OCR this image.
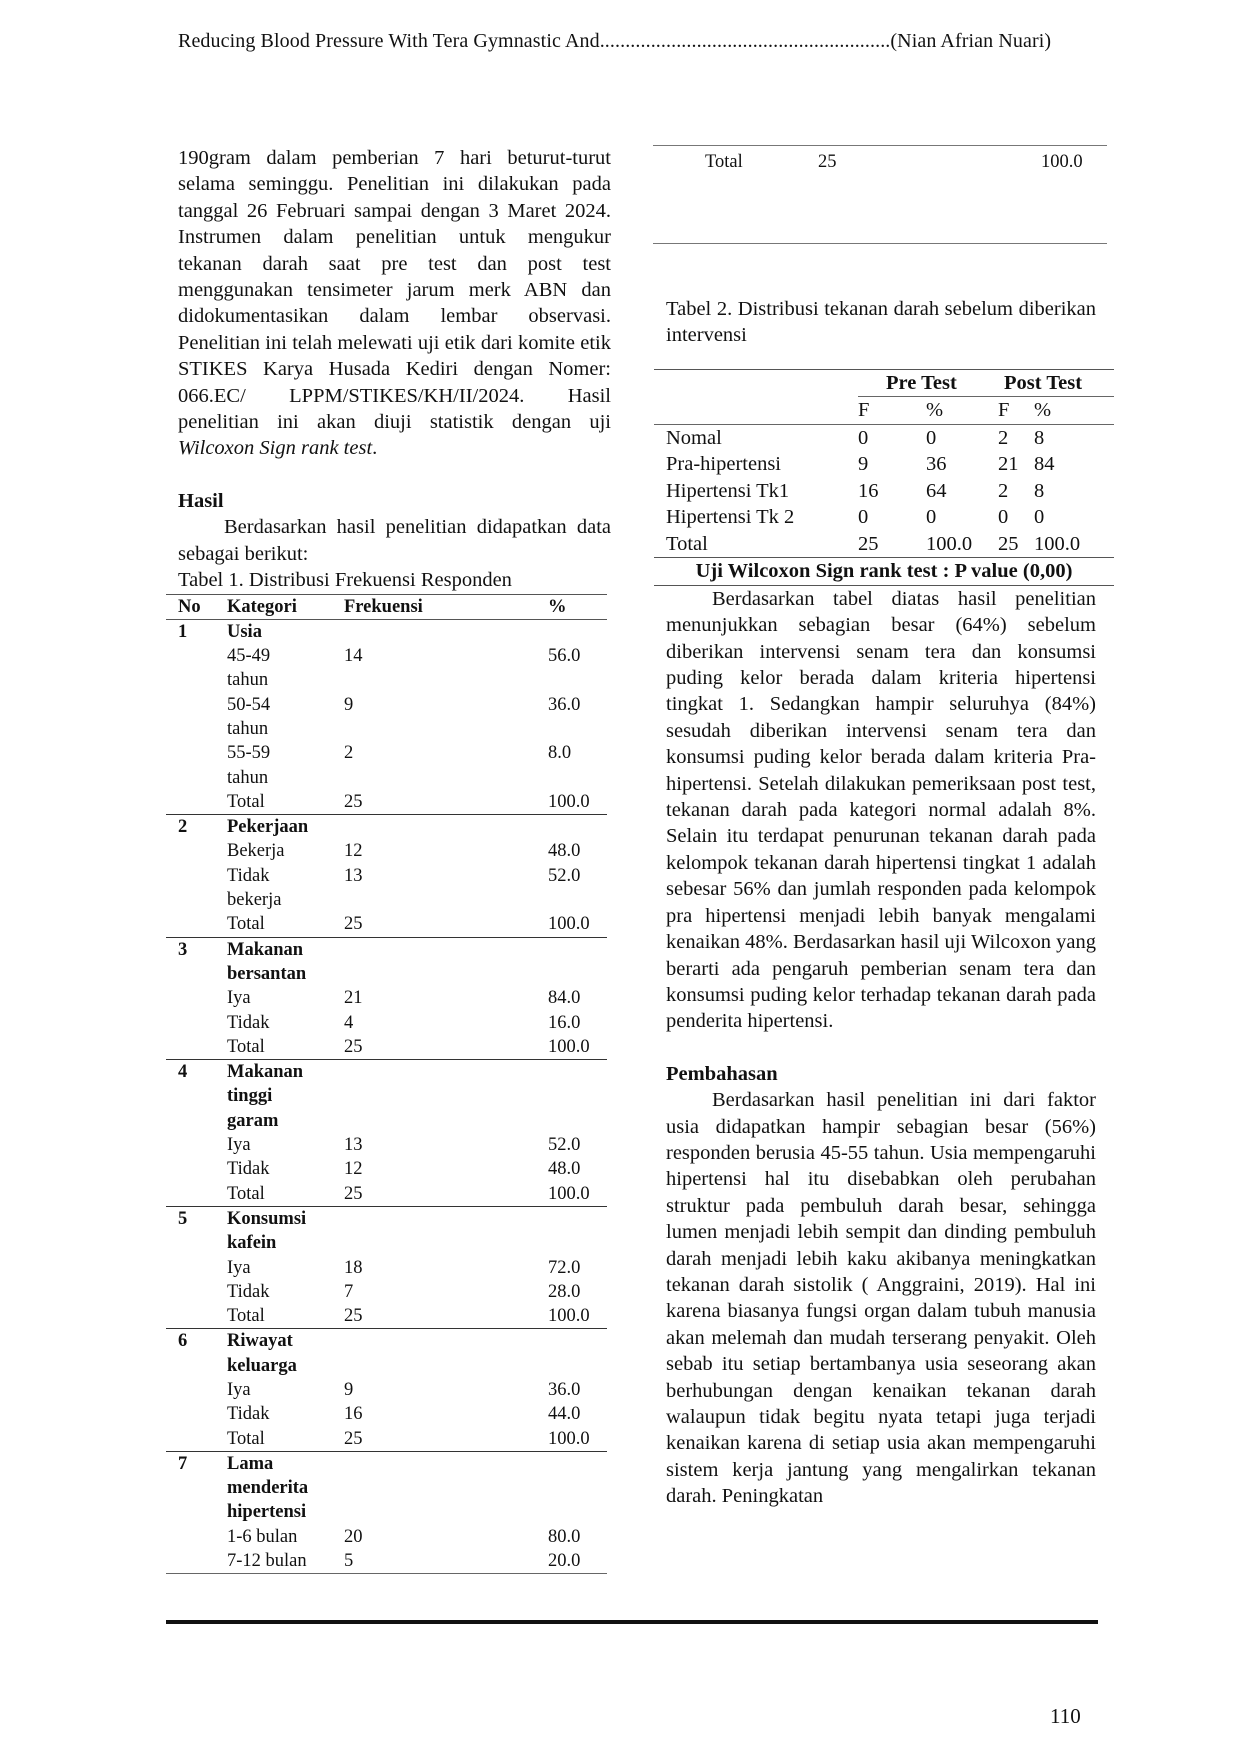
Reducing Blood Pressure With Tera Gymnastic And.........................................................(Nian Afrian Nuari)

190gram dalam pemberian 7 hari beturut-turut selama seminggu. Penelitian ini dilakukan pada tanggal 26 Februari sampai dengan 3 Maret 2024. Instrumen dalam penelitian untuk mengukur tekanan darah saat pre test dan post test menggunakan tensimeter jarum merk ABN dan didokumentasikan dalam lembar observasi. Penelitian ini telah melewati uji etik dari komite etik STIKES Karya Husada Kediri dengan Nomer: 066.EC/ LPPM/STIKES/KH/II/2024. Hasil penelitian ini akan diuji statistik dengan uji Wilcoxon Sign rank test.

Hasil

Berdasarkan hasil penelitian didapatkan data sebagai berikut:

Tabel 1. Distribusi Frekuensi Responden

No	Kategori	Frekuensi	%
1	Usia		

	45-49
tahun	14	56.0

	50-54
tahun	9	36.0

	55-59
tahun	2	8.0

	Total	25	100.0
2	Pekerjaan		

	Bekerja	12	48.0

	Tidak
bekerja	13	52.0

	Total	25	100.0
3	Makanan
bersantan		

	Iya	21	84.0

	Tidak	4	16.0

	Total	25	100.0
4	Makanan
tinggi
garam		

	Iya	13	52.0

	Tidak	12	48.0

	Total	25	100.0
5	Konsumsi
kafein		

	Iya	18	72.0

	Tidak	7	28.0

	Total	25	100.0
6	Riwayat
keluarga		

	Iya	9	36.0

	Tidak	16	44.0

	Total	25	100.0
7	Lama
menderita
hipertensi		

	1-6 bulan	20	80.0

	7-12 bulan	5	20.0
Total	25	100.0

Tabel 2. Distribusi tekanan darah sebelum diberikan intervensi

	Pre Test		Post Test	
	F	%	F	%
Nomal	0	0	2	8
Pra-hipertensi	9	36	21	84
Hipertensi Tk1	16	64	2	8
Hipertensi Tk 2	0	0	0	0
Total	25	100.0	25	100.0
Uji Wilcoxon Sign rank test : P value (0,00)				

Berdasarkan tabel diatas hasil penelitian menunjukkan sebagian besar (64%) sebelum diberikan intervensi senam tera dan konsumsi puding kelor berada dalam kriteria hipertensi tingkat 1. Sedangkan hampir seluruhya (84%) sesudah diberikan intervensi senam tera dan konsumsi puding kelor berada dalam kriteria Pra-hipertensi. Setelah dilakukan pemeriksaan post test, tekanan darah pada kategori normal adalah 8%. Selain itu terdapat penurunan tekanan darah pada kelompok tekanan darah hipertensi tingkat 1 adalah sebesar 56% dan jumlah responden pada kelompok pra hipertensi menjadi lebih banyak mengalami kenaikan 48%. Berdasarkan hasil uji Wilcoxon yang berarti ada pengaruh pemberian senam tera dan konsumsi puding kelor terhadap tekanan darah pada penderita hipertensi.

Pembahasan

Berdasarkan hasil penelitian ini dari faktor usia didapatkan hampir sebagian besar (56%) responden berusia 45-55 tahun. Usia mempengaruhi hipertensi hal itu disebabkan oleh perubahan struktur pada pembuluh darah besar, sehingga lumen menjadi lebih sempit dan dinding pembuluh darah menjadi lebih kaku akibanya meningkatkan tekanan darah sistolik ( Anggraini, 2019). Hal ini karena biasanya fungsi organ dalam tubuh manusia akan melemah dan mudah terserang penyakit. Oleh sebab itu setiap bertambanya usia seseorang akan berhubungan dengan kenaikan tekanan darah walaupun tidak begitu nyata tetapi juga terjadi kenaikan karena di setiap usia akan mempengaruhi sistem kerja jantung yang mengalirkan tekanan darah. Peningkatan

110
